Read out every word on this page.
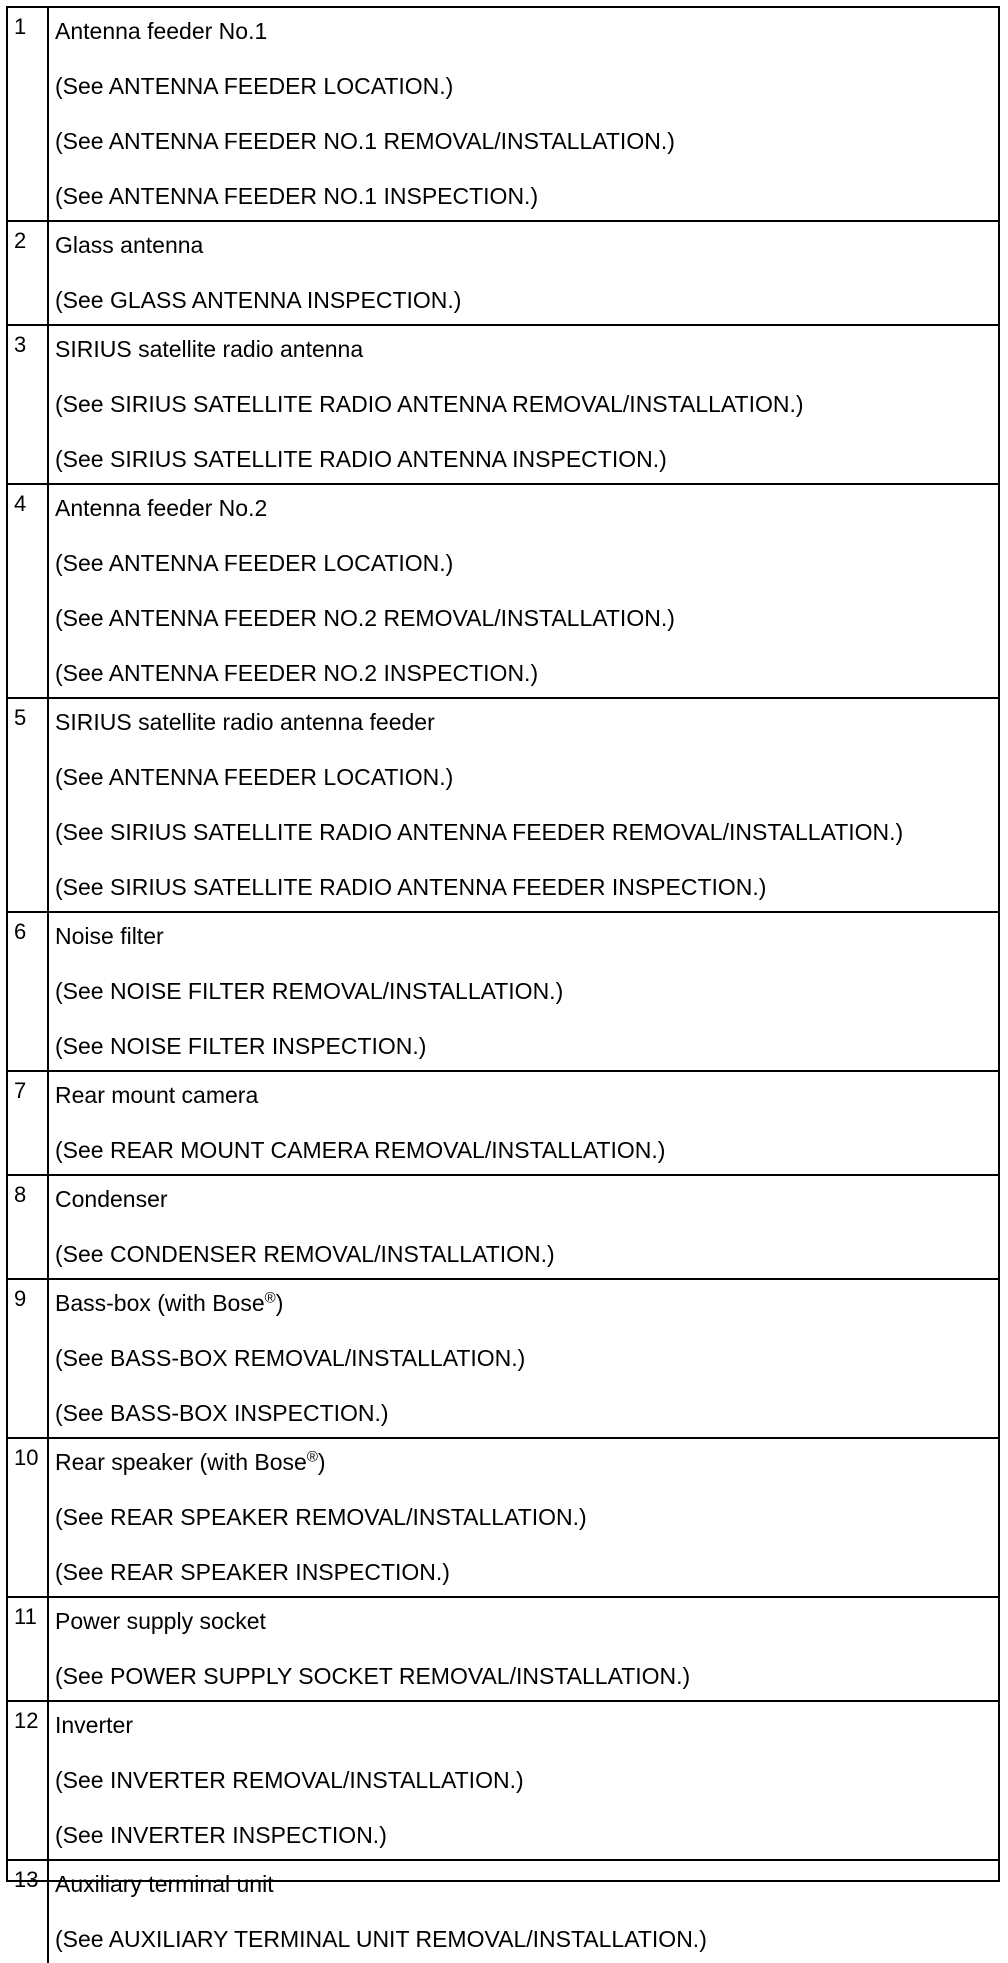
1	Antenna feeder No.1
(See ANTENNA FEEDER LOCATION.)
(See ANTENNA FEEDER NO.1 REMOVAL/INSTALLATION.)
(See ANTENNA FEEDER NO.1 INSPECTION.)
2	Glass antenna
(See GLASS ANTENNA INSPECTION.)
3	SIRIUS satellite radio antenna
(See SIRIUS SATELLITE RADIO ANTENNA REMOVAL/INSTALLATION.)
(See SIRIUS SATELLITE RADIO ANTENNA INSPECTION.)
4	Antenna feeder No.2
(See ANTENNA FEEDER LOCATION.)
(See ANTENNA FEEDER NO.2 REMOVAL/INSTALLATION.)
(See ANTENNA FEEDER NO.2 INSPECTION.)
5	SIRIUS satellite radio antenna feeder
(See ANTENNA FEEDER LOCATION.)
(See SIRIUS SATELLITE RADIO ANTENNA FEEDER REMOVAL/INSTALLATION.)
(See SIRIUS SATELLITE RADIO ANTENNA FEEDER INSPECTION.)
6	Noise filter
(See NOISE FILTER REMOVAL/INSTALLATION.)
(See NOISE FILTER INSPECTION.)
7	Rear mount camera
(See REAR MOUNT CAMERA REMOVAL/INSTALLATION.)
8	Condenser
(See CONDENSER REMOVAL/INSTALLATION.)
9	Bass-box (with Bose®)
(See BASS-BOX REMOVAL/INSTALLATION.)
(See BASS-BOX INSPECTION.)
10 Rear speaker (with Bose®)
(See REAR SPEAKER REMOVAL/INSTALLATION.)
(See REAR SPEAKER INSPECTION.)
11 Power supply socket
(See POWER SUPPLY SOCKET REMOVAL/INSTALLATION.)
12 Inverter
(See INVERTER REMOVAL/INSTALLATION.)
(See INVERTER INSPECTION.)
13 Auxiliary terminal unit
(See AUXILIARY TERMINAL UNIT REMOVAL/INSTALLATION.)
